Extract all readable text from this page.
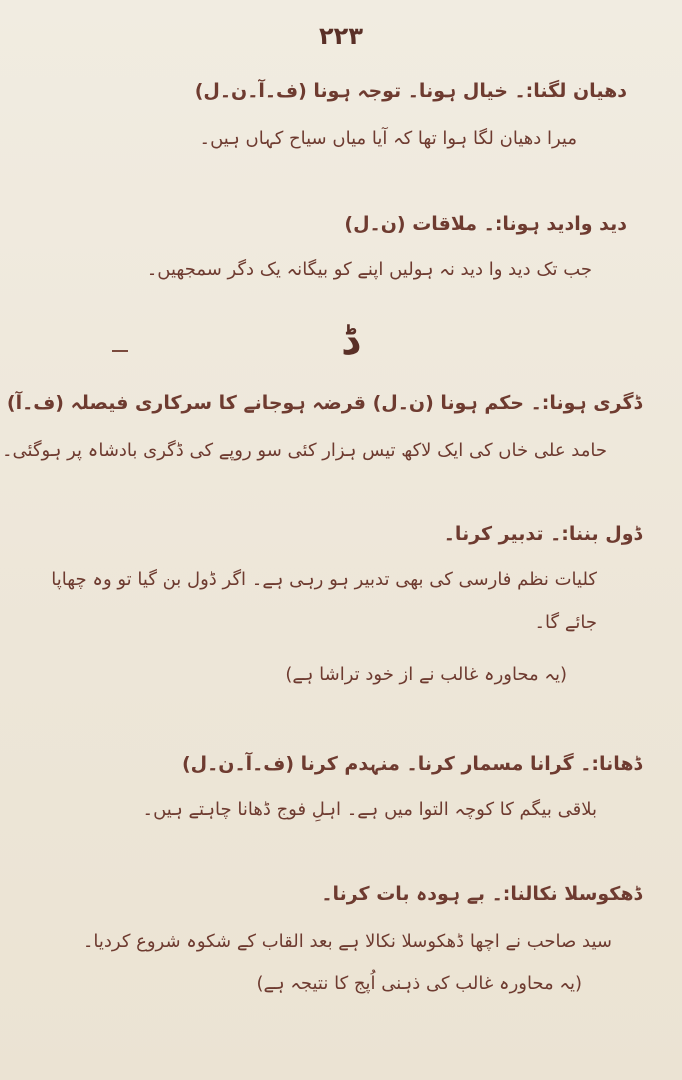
۲۲۳
دھیان لگنا:۔ خیال ہونا۔ توجہ ہونا (ف۔آ۔ن۔ل)
میرا دھیان لگا ہوا تھا کہ آیا میاں سیاح کہاں ہیں۔
دید وادید ہونا:۔ ملاقات (ن۔ل)
جب تک دید وا دید نہ ہولیں اپنے کو بیگانہ یک دگر سمجھیں۔
ڈ
ڈگری ہونا:۔ حکم ہونا (ن۔ل) قرضہ ہوجانے کا سرکاری فیصلہ (ف۔آ)
حامد علی خاں کی ایک لاکھ تیس ہزار کئی سو روپے کی ڈگری بادشاہ پر ہوگئی۔
ڈول بننا:۔ تدبیر کرنا۔
کلیات نظم فارسی کی بھی تدبیر ہو رہی ہے۔ اگر ڈول بن گیا تو وہ چھاپا
جائے گا۔
(یہ محاورہ غالب نے از خود تراشا ہے)
ڈھانا:۔ گرانا مسمار کرنا۔ منہدم کرنا (ف۔آ۔ن۔ل)
بلاقی بیگم کا کوچہ التوا میں ہے۔ اہلِ فوج ڈھانا چاہتے ہیں۔
ڈھکوسلا نکالنا:۔ بے ہودہ بات کرنا۔
سید صاحب نے اچھا ڈھکوسلا نکالا ہے بعد القاب کے شکوہ شروع کردیا۔
(یہ محاورہ غالب کی ذہنی اُپج کا نتیجہ ہے)
